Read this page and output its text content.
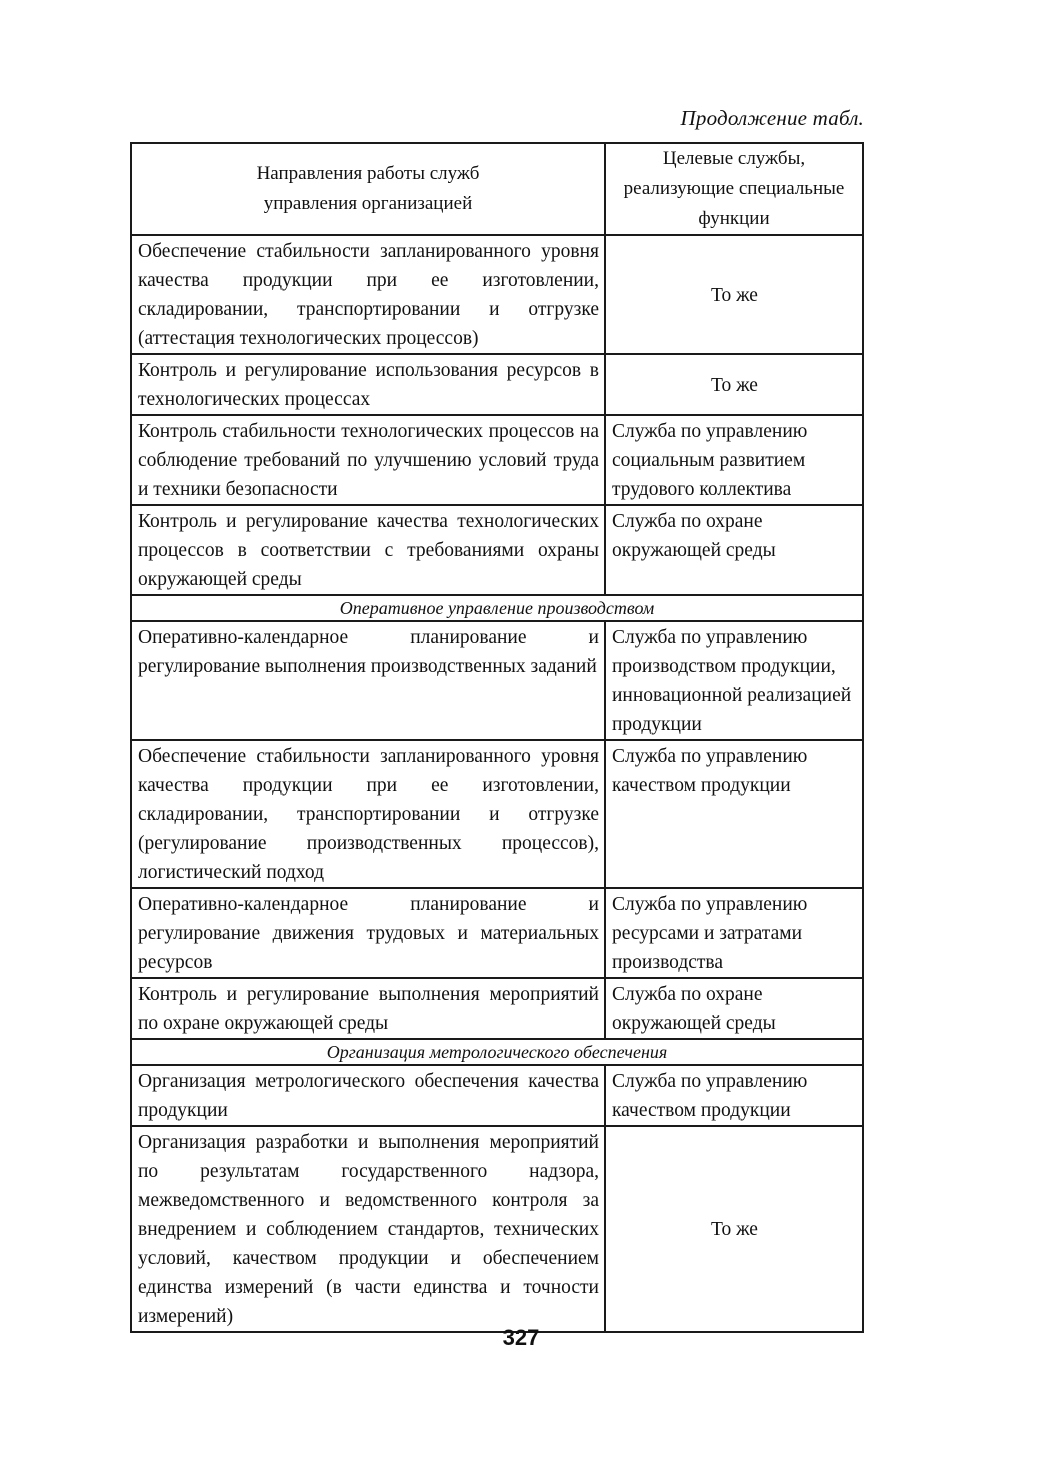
Продолжение табл.
Направления работы служб управления организацией	Целевые службы, реализующие специальные функции
Обеспечение стабильности запланированного уровня качества продукции при ее изготовлении, складировании, транспортировании и отгрузке (аттестация технологических процессов)	То же
Контроль и регулирование использования ресурсов в технологических процессах	То же
Контроль стабильности технологических процессов на соблюдение требований по улучшению условий труда и техники безопасности	Служба по управлению социальным развитием трудового коллектива
Контроль и регулирование качества технологических процессов в соответствии с требованиями охраны окружающей среды	Служба по охране окружающей среды
Оперативное управление производством	
Оперативно-календарное планирование и регулирование выполнения производственных заданий	Служба по управлению производством продукции, инновационной реализацией продукции
Обеспечение стабильности запланированного уровня качества продукции при ее изготовлении, складировании, транспортировании и отгрузке (регулирование производственных процессов), логистический подход	Служба по управлению качеством продукции
Оперативно-календарное планирование и регулирование движения трудовых и материальных ресурсов	Служба по управлению ресурсами и затратами производства
Контроль и регулирование выполнения мероприятий по охране окружающей среды	Служба по охране окружающей среды
Организация метрологического обеспечения	
Организация метрологического обеспечения качества продукции	Служба по управлению качеством продукции
Организация разработки и выполнения мероприятий по результатам государственного надзора, межведомственного и ведомственного контроля за внедрением и соблюдением стандартов, технических условий, качеством продукции и обеспечением единства измерений (в части единства и точности измерений)	То же
327
